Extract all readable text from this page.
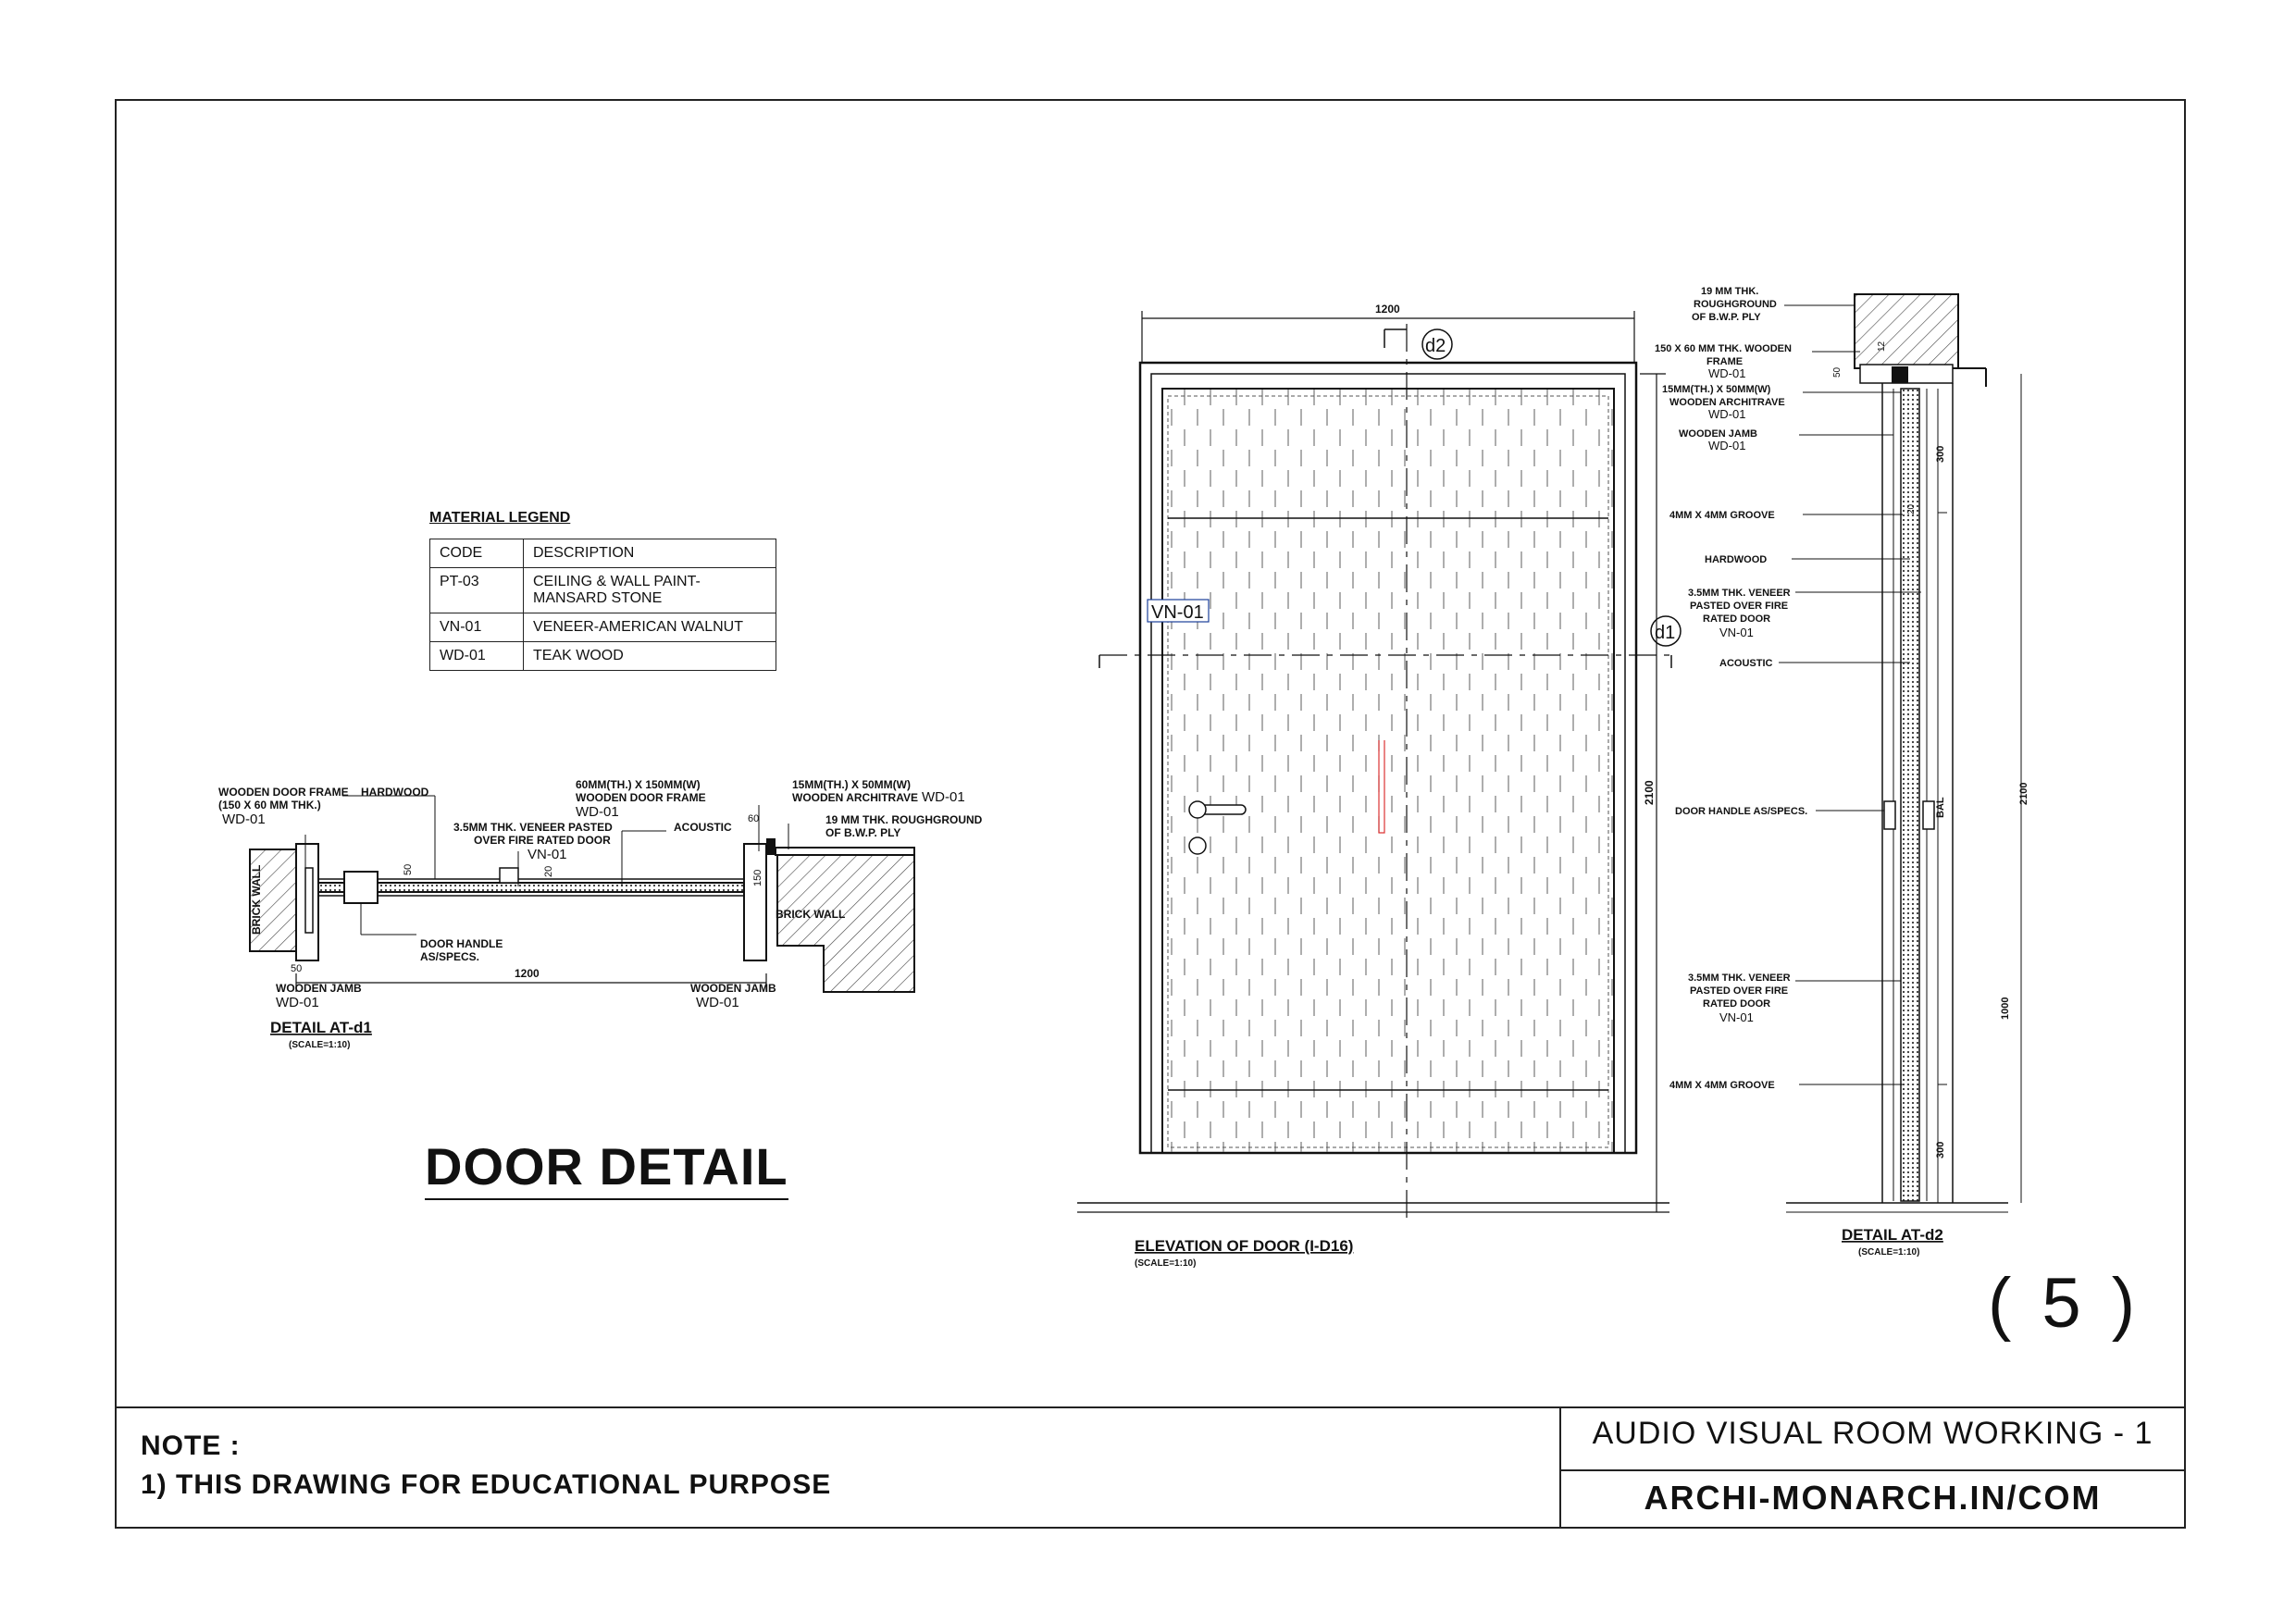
BRICK WALL
WOODEN DOOR FRAME
(150 X 60 MM THK.)
WD-01
HARDWOOD
3.5MM THK. VENEER PASTED
OVER FIRE RATED DOOR
VN-01
60MM(TH.) X 150MM(W)
WOODEN DOOR FRAME
WD-01
ACOUSTIC
15MM(TH.) X 50MM(W)
WOODEN ARCHITRAVE WD-01
19 MM THK. ROUGHGROUND
OF B.W.P. PLY
BRICK WALL
DOOR HANDLE
AS/SPECS.
WOODEN JAMB
WD-01
WOODEN JAMB
WD-01
1200
50
50	20
60
150
DETAIL AT-d1
(SCALE=1:10)
1200
d2
d1
VN-01
2100
ELEVATION OF DOOR (I-D16)
(SCALE=1:10)
300
300
BAL
2100
1000
12
50
20
19 MM THK.
ROUGHGROUND
OF B.W.P. PLY
150 X 60 MM THK. WOODEN
FRAME
WD-01
15MM(TH.) X 50MM(W)
WOODEN ARCHITRAVE
WD-01
WOODEN JAMB
WD-01
4MM X 4MM GROOVE
HARDWOOD
3.5MM THK. VENEER
PASTED OVER FIRE
RATED DOOR
VN-01
ACOUSTIC
DOOR HANDLE AS/SPECS.
3.5MM THK. VENEER
PASTED OVER FIRE
RATED DOOR
VN-01
4MM X 4MM GROOVE
DETAIL AT-d2
(SCALE=1:10)
MATERIAL LEGEND
CODE	DESCRIPTION
PT-03	CEILING & WALL PAINT-MANSARD STONE
VN-01	VENEER-AMERICAN WALNUT
WD-01	TEAK WOOD
DOOR DETAIL
( 5 )
NOTE :
1) THIS DRAWING FOR EDUCATIONAL PURPOSE
AUDIO VISUAL ROOM WORKING - 1
ARCHI-MONARCH.IN/COM
